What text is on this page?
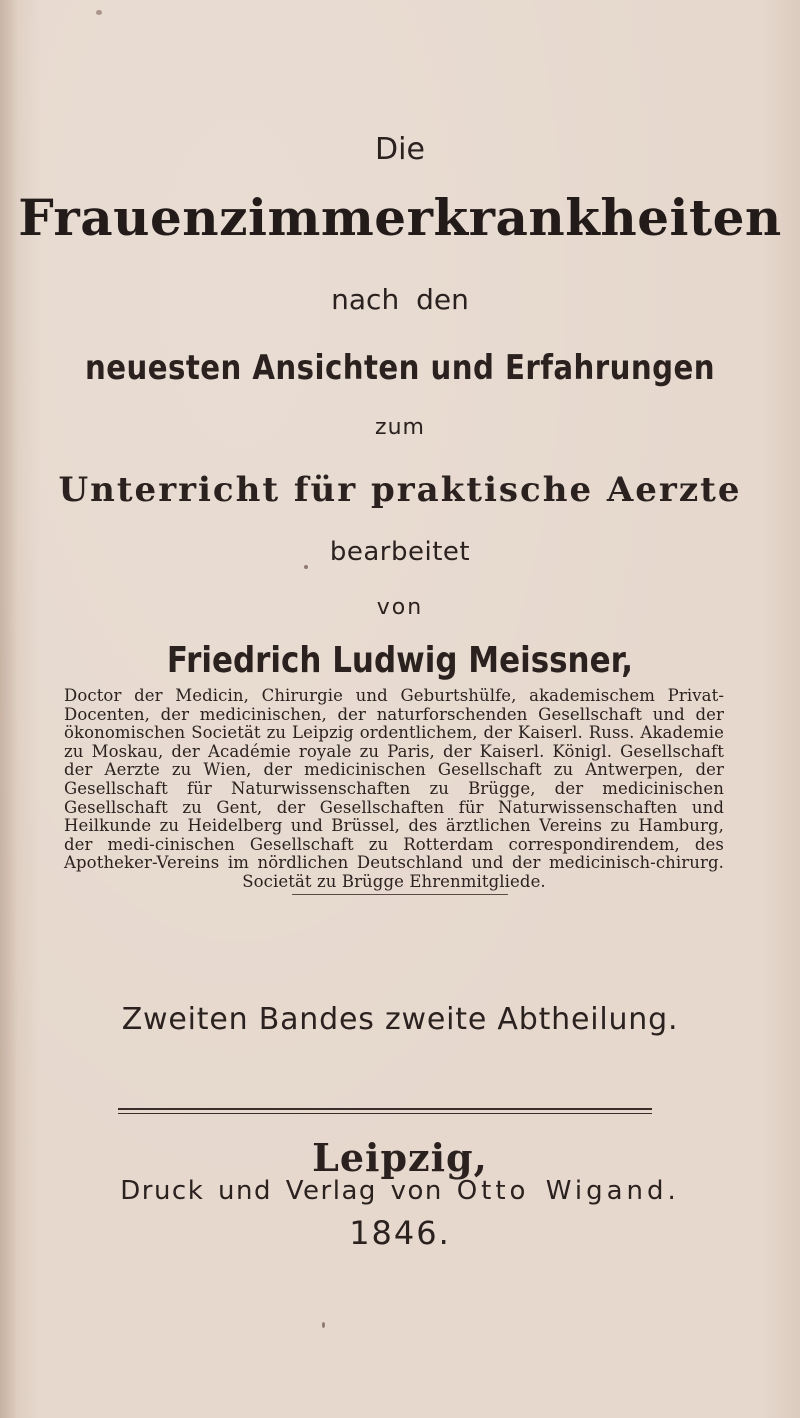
Die
Frauenzimmerkrankheiten
nach den
neuesten Ansichten und Erfahrungen
zum
Unterricht für praktische Aerzte
bearbeitet
von
Friedrich Ludwig Meissner,
Doctor der Medicin, Chirurgie und Geburtshülfe, akademischem Privat-Docenten, der medicinischen, der naturforschenden Gesellschaft und der ökonomischen Societät zu Leipzig ordentlichem, der Kaiserl. Russ. Akademie zu Moskau, der Académie royale zu Paris, der Kaiserl. Königl. Gesellschaft der Aerzte zu Wien, der medicinischen Gesellschaft zu Antwerpen, der Gesellschaft für Naturwissenschaften zu Brügge, der medicinischen Gesellschaft zu Gent, der Gesellschaften für Naturwissenschaften und Heilkunde zu Heidelberg und Brüssel, des ärztlichen Vereins zu Hamburg, der medi-cinischen Gesellschaft zu Rotterdam correspondirendem, des Apotheker-Vereins im nördlichen Deutschland und der medicinisch-chirurg. Societät zu Brügge Ehrenmitgliede.
Zweiten Bandes zweite Abtheilung.
Leipzig,
Druck und Verlag von Otto Wigand.
1846.
